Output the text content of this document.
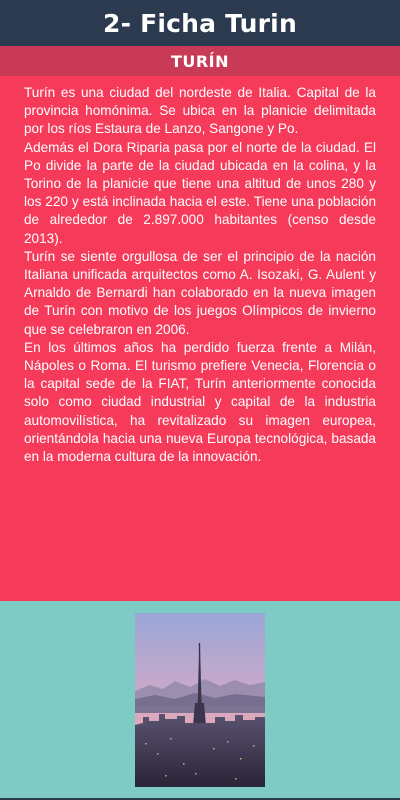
2- Ficha Turin
TURÍN

Turín es una ciudad del nordeste de Italia. Capital de la provincia homónima. Se ubica en la planicie delimitada por los ríos Estaura de Lanzo, Sangone y Po.

Además el Dora Riparia pasa por el norte de la ciudad. El Po divide la parte de la ciudad ubicada en la colina, y la Torino de la planicie que tiene una altitud de unos 280 y los 220 y está inclinada hacia el este. Tiene una población de alrededor de 2.897.000 habitantes (censo desde 2013).

Turín se siente orgullosa de ser el principio de la nación Italiana unificada arquitectos como A. Isozaki, G. Aulent y Arnaldo de Bernardi han colaborado en la nueva imagen de Turín con motivo de los juegos Olímpicos de invierno que se celebraron en 2006.

En los últimos años ha perdido fuerza frente a Milán, Nápoles o Roma. El turismo prefiere Venecia, Florencia o la capital sede de la FIAT, Turín anteriormente conocida solo como ciudad industrial y capital de la industria automovilística, ha revitalizado su imagen europea, orientándola hacia una nueva Europa tecnológica, basada en la moderna cultura de la innovación.
